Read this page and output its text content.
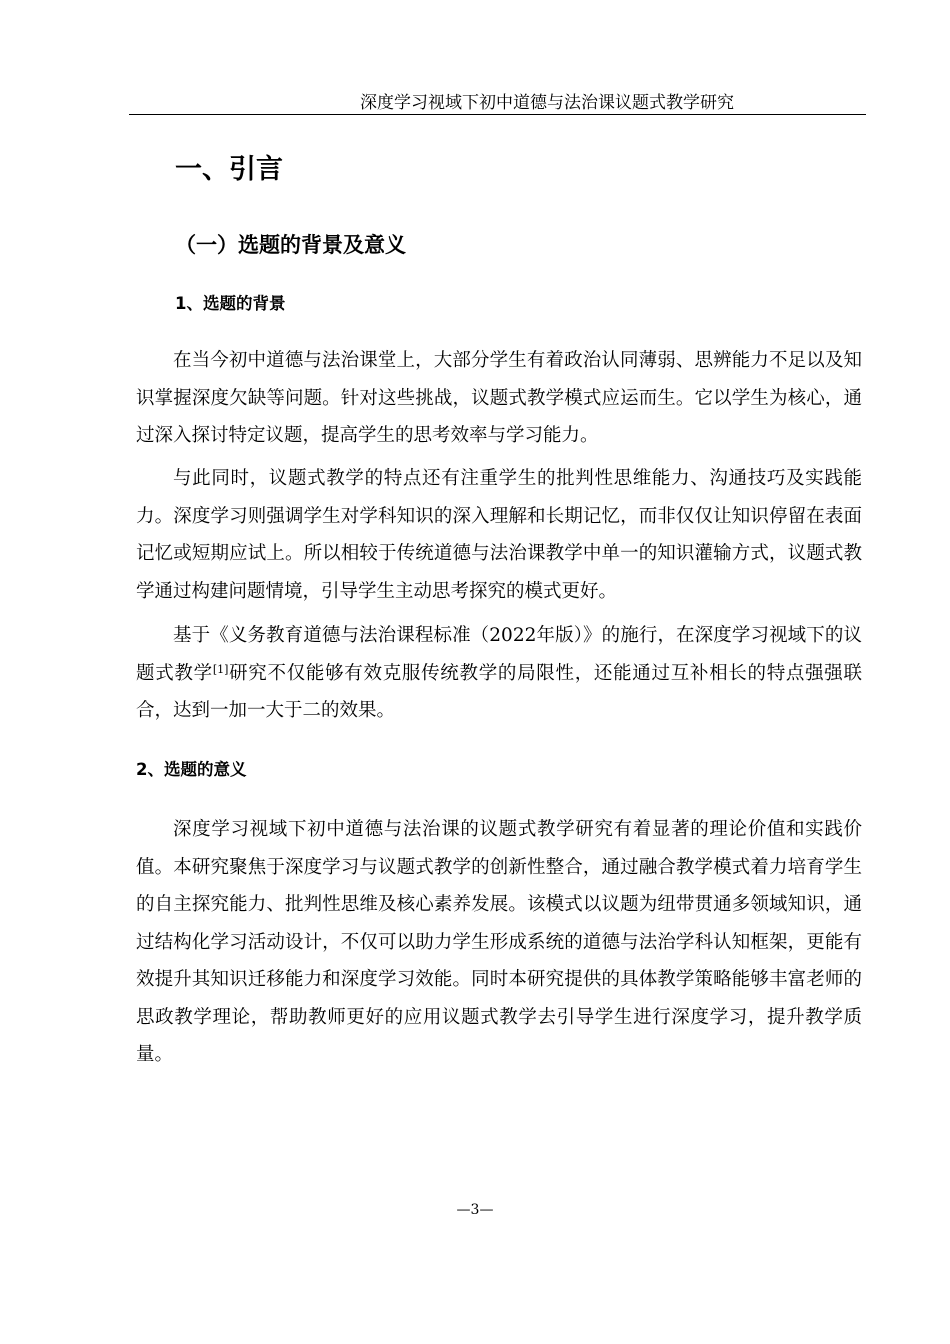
深度学习视域下初中道德与法治课议题式教学研究
一、引言
（一）选题的背景及意义
1、选题的背景

在当今初中道德与法治课堂上，大部分学生有着政治认同薄弱、思辨能力不足以及知识掌握深度欠缺等问题。针对这些挑战，议题式教学模式应运而生。它以学生为核心，通过深入探讨特定议题，提高学生的思考效率与学习能力。

与此同时，议题式教学的特点还有注重学生的批判性思维能力、沟通技巧及实践能力。深度学习则强调学生对学科知识的深入理解和长期记忆，而非仅仅让知识停留在表面记忆或短期应试上。所以相较于传统道德与法治课教学中单一的知识灌输方式，议题式教学通过构建问题情境，引导学生主动思考探究的模式更好。

基于《义务教育道德与法治课程标准（2022年版）》的施行，在深度学习视域下的议题式教学[1]研究不仅能够有效克服传统教学的局限性，还能通过互补相长的特点强强联合，达到一加一大于二的效果。

2、选题的意义

深度学习视域下初中道德与法治课的议题式教学研究有着显著的理论价值和实践价值。本研究聚焦于深度学习与议题式教学的创新性整合，通过融合教学模式着力培育学生的自主探究能力、批判性思维及核心素养发展。该模式以议题为纽带贯通多领域知识，通过结构化学习活动设计，不仅可以助力学生形成系统的道德与法治学科认知框架，更能有效提升其知识迁移能力和深度学习效能。同时本研究提供的具体教学策略能够丰富老师的思政教学理论，帮助教师更好的应用议题式教学去引导学生进行深度学习，提升教学质量。

—3—
